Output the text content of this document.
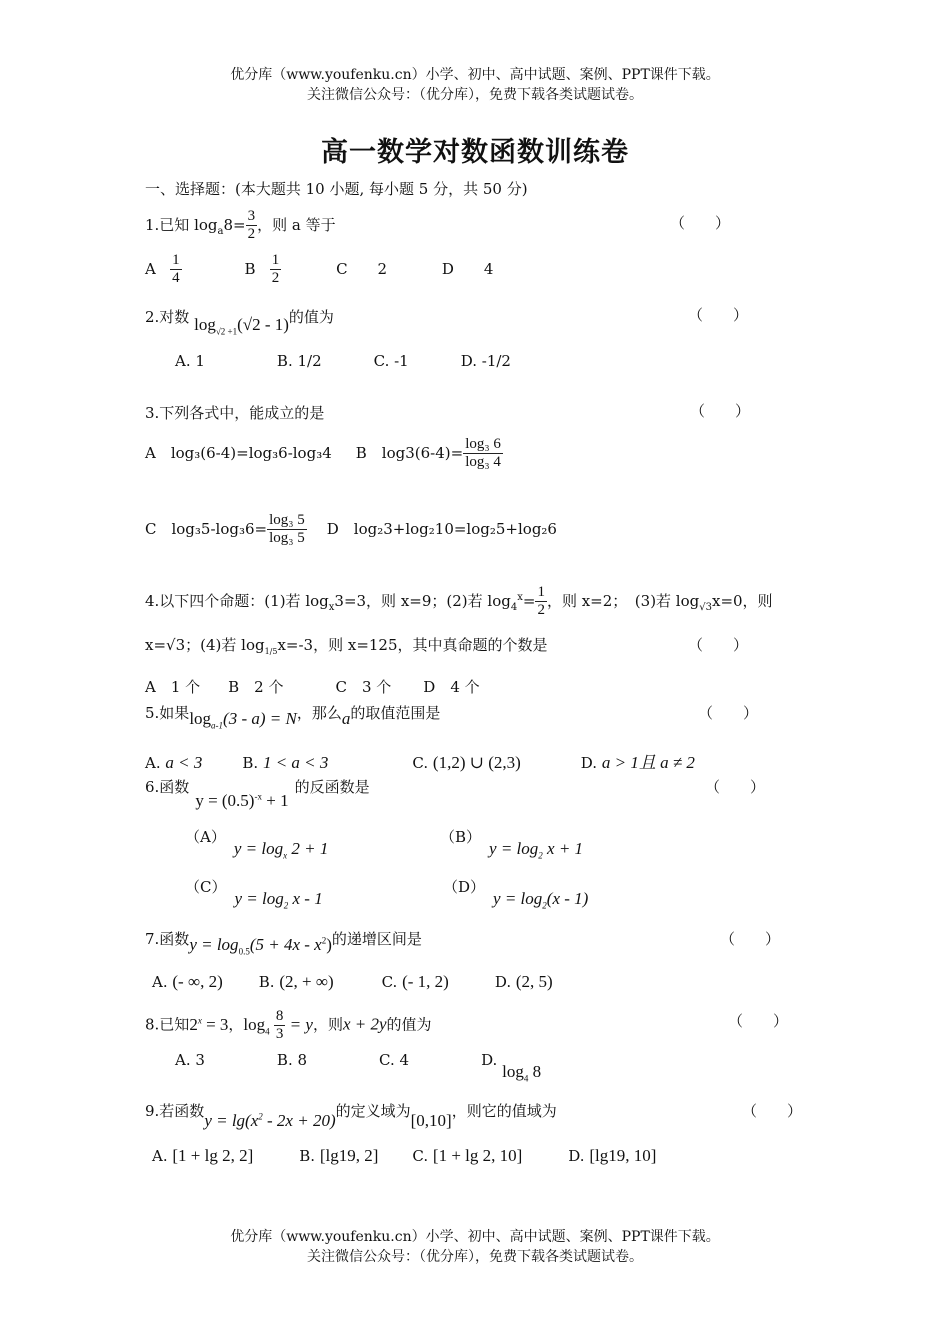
优分库（www.youfenku.cn）小学、初中、高中试题、案例、PPT课件下载。
关注微信公众号：（优分库），免费下载各类试题试卷。
高一数学对数函数训练卷
一、选择题：(本大题共 10 小题, 每小题 5 分，共 50 分)
1.已知 $\log_a8= \frac{3}{2}$ ，则 a 等于	（　　）
A $\frac{1}{4}$	B $\frac{1}{2}$	C　　2	D　　4
2.对数 $\log_{√2 +1}(√2 - 1)$的值为	（　　）
A. 1	B. 1/2	C. -1	D. -1/2
3.下列各式中，能成立的是	（　　）
A　log₃(6-4)=log₃6-log₃4 B　$\log 3(6-4)= \frac{\text{log₃ 6}}{\text{log₃ 4}}$
C　$\log_35-\log_36= \frac{\text{log₃ 5}}{\text{log₃ 5}}$ D　log₂3+log₂10=log₂5+log₂6
4.以下四个命题：(1)若 $\log_x3=3$，则 x=9；(2)若 $\log_4^x= \frac{1}{2}$ ，则 x=2；　(3)若 $\log_{√3}x=0$，则
x=√3；(4)若 $\log_{1/5}x=-3$，则 x=125，其中真命题的个数是	（　　）
A　1 个 B　2 个	C　3 个 D　4 个
5.如果$\log_{a-1}(3 - a) = N$，那么a的取值范围是	（　　）
A. a < 3	B. 1 < a < 3	C. (1,2) ∪ (2,3)	D. a > 1且 a ≠ 2
6.函数$y = (0.5)^{-x} + 1$的反函数是	（　　）
$(A)y = \log_x 2 + 1$
$(B)y = \log_2 x + 1$
$(C)y = \log_2 x - 1$
$(D)y = \log_2(x - 1)$
7.函数$y = \log_{0.5}(5 + 4x - x^2)$的递增区间是	（　　）
A. (- ∞, 2) B. (2, + ∞)	C. (- 1, 2)	D. (2, 5)
8.已知$2^x = 3$，$\log_4 \frac{8}{3} = y$，则x + 2y的值为	（　　）
A. 3	B. 8	C. 4	D. $\log_4 8$
9.若函数$y = \lg(x^2 - 2x + 20)$的定义域为[0,10]，则它的值域为	（　　）
A. [1 + lg 2, 2]	B. [lg19, 2] C. [1 + lg 2, 10]	D. [lg19, 10]
优分库（www.youfenku.cn）小学、初中、高中试题、案例、PPT课件下载。
关注微信公众号：（优分库），免费下载各类试题试卷。
